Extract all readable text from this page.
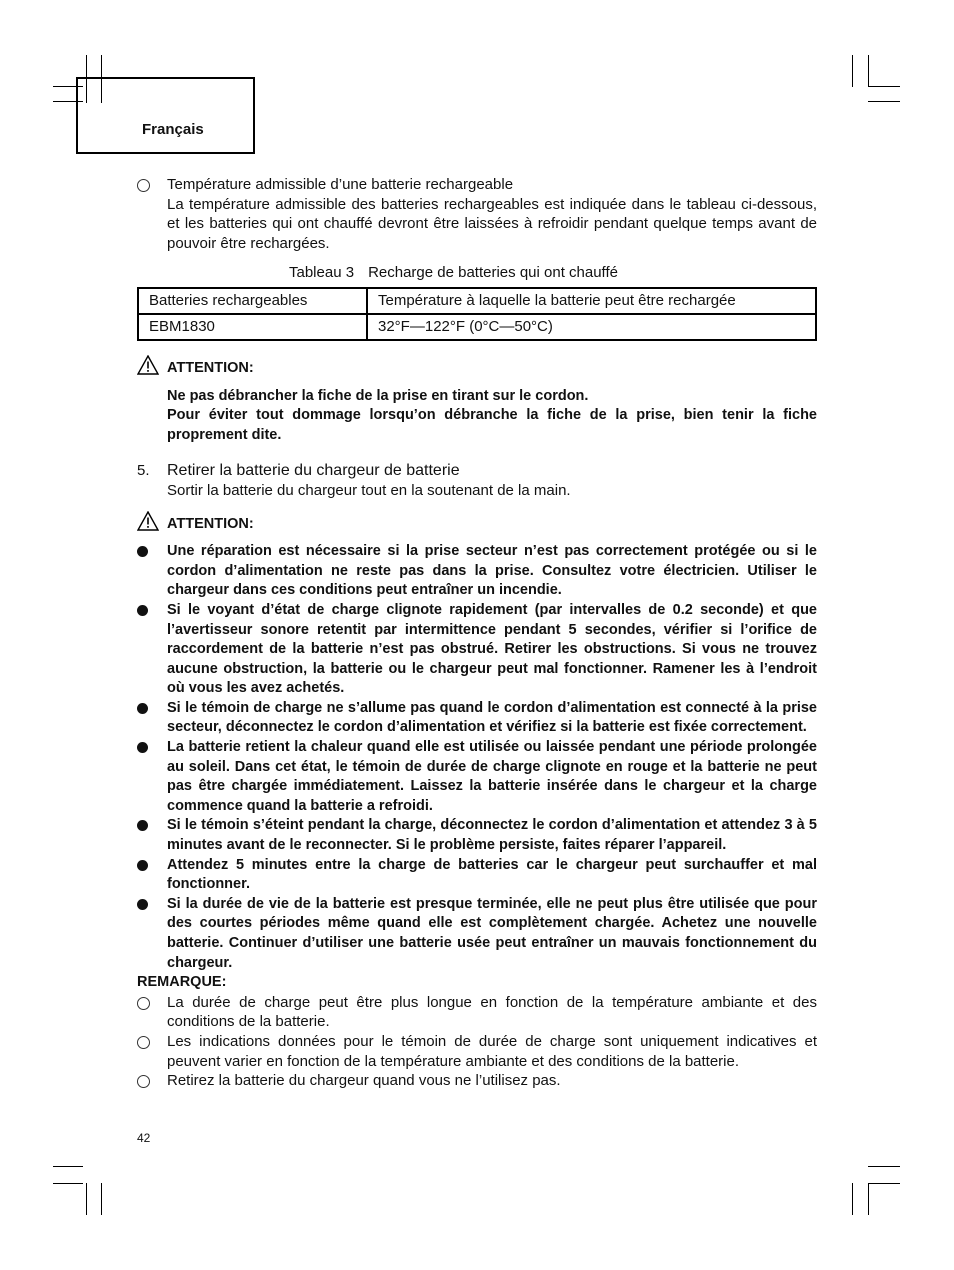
Français
Température admissible d’une batterie rechargeable
La température admissible des batteries rechargeables est indiquée dans le tableau ci-dessous, et les batteries qui ont chauffé devront être laissées à refroidir pendant quelque temps avant de pouvoir être rechargées.
Tableau 3 Recharge de batteries qui ont chauffé
Batteries rechargeables	Température à laquelle la batterie peut être rechargée
EBM1830	32°F—122°F (0°C—50°C)
ATTENTION:
Ne pas débrancher la fiche de la prise en tirant sur le cordon.
Pour éviter tout dommage lorsqu’on débranche la fiche de la prise, bien tenir la fiche proprement dite.
5.	Retirer la batterie du chargeur de batterie
Sortir la batterie du chargeur tout en la soutenant de la main.
ATTENTION:
Une réparation est nécessaire si la prise secteur n’est pas correctement protégée ou si le cordon d’alimentation ne reste pas dans la prise. Consultez votre électricien. Utiliser le chargeur dans ces conditions peut entraîner un incendie.
Si le voyant d’état de charge clignote rapidement (par intervalles de 0.2 seconde) et que l’avertisseur sonore retentit par intermittence pendant 5 secondes, vérifier si l’orifice de raccordement de la batterie n’est pas obstrué. Retirer les obstructions. Si vous ne trouvez aucune obstruction, la batterie ou le chargeur peut mal fonctionner. Ramener les à l’endroit où vous les avez achetés.
Si le témoin de charge ne s’allume pas quand le cordon d’alimentation est connecté à la prise secteur, déconnectez le cordon d’alimentation et vérifiez si la batterie est fixée correctement.
La batterie retient la chaleur quand elle est utilisée ou laissée pendant une période prolongée au soleil. Dans cet état, le témoin de durée de charge clignote en rouge et la batterie ne peut pas être chargée immédiatement. Laissez la batterie insérée dans le chargeur et la charge commence quand la batterie a refroidi.
Si le témoin s’éteint pendant la charge, déconnectez le cordon d’alimentation et attendez 3 à 5 minutes avant de le reconnecter. Si le problème persiste, faites réparer l’appareil.
Attendez 5 minutes entre la charge de batteries car le chargeur peut surchauffer et mal fonctionner.
Si la durée de vie de la batterie est presque terminée, elle ne peut plus être utilisée que pour des courtes périodes même quand elle est complètement chargée. Achetez une nouvelle batterie. Continuer d’utiliser une batterie usée peut entraîner un mauvais fonctionnement du chargeur.
REMARQUE:
La durée de charge peut être plus longue en fonction de la température ambiante et des conditions de la batterie.
Les indications données pour le témoin de durée de charge sont uniquement indicatives et peuvent varier en fonction de la température ambiante et des conditions de la batterie.
Retirez la batterie du chargeur quand vous ne l’utilisez pas.
42
